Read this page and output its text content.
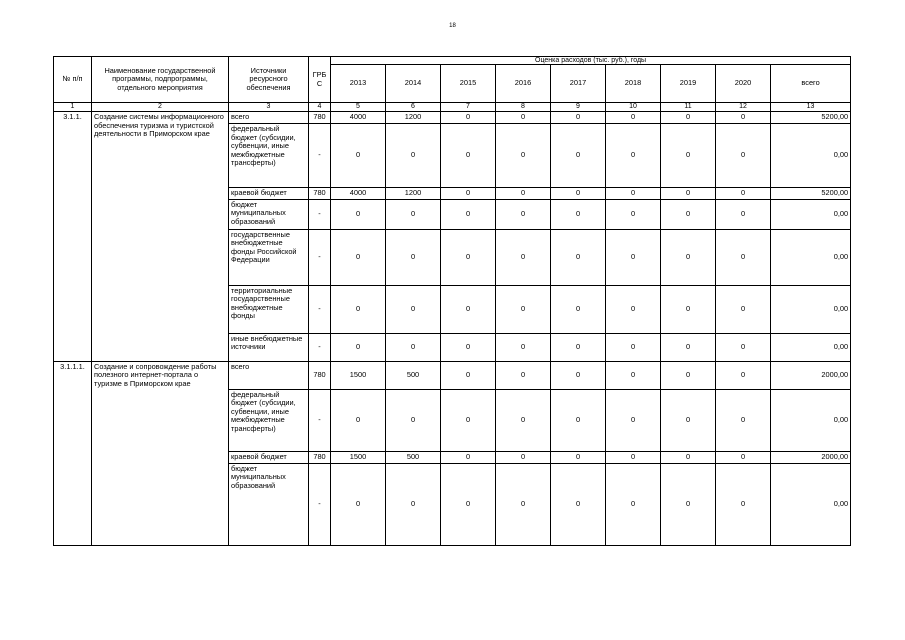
18
№ п/п	Наименование государственной программы, подпрограммы, отдельного мероприятия	Источники ресурсного обеспечения	ГРБ С	Оценка расходов (тыс. руб.), годы								
				2013	2014	2015	2016	2017	2018	2019	2020	всего
1	2	3	4	5	6	7	8	9	10	11	12	13
3.1.1.	Создание системы информационного обеспечения туризма и туристской деятельности в Приморском крае	всего	780	4000	1200	0	0	0	0	0	0	5200,00
		федеральный бюджет (субсидии, субвенции, иные межбюджетные трансферты)	-	0	0	0	0	0	0	0	0	0,00
		краевой бюджет	780	4000	1200	0	0	0	0	0	0	5200,00
		бюджет муниципальных образований	-	0	0	0	0	0	0	0	0	0,00
		государственные внебюджетные фонды Российской Федерации	-	0	0	0	0	0	0	0	0	0,00
		территориальные государственные внебюджетные фонды	-	0	0	0	0	0	0	0	0	0,00
		иные внебюджетные источники	-	0	0	0	0	0	0	0	0	0,00
3.1.1.1.	Создание и сопровождение работы полезного интернет-портала о туризме в Приморском крае	всего	780	1500	500	0	0	0	0	0	0	2000,00
		федеральный бюджет (субсидии, субвенции, иные межбюджетные трансферты)	-	0	0	0	0	0	0	0	0	0,00
		краевой бюджет	780	1500	500	0	0	0	0	0	0	2000,00
		бюджет муниципальных образований	-	0	0	0	0	0	0	0	0	0,00
